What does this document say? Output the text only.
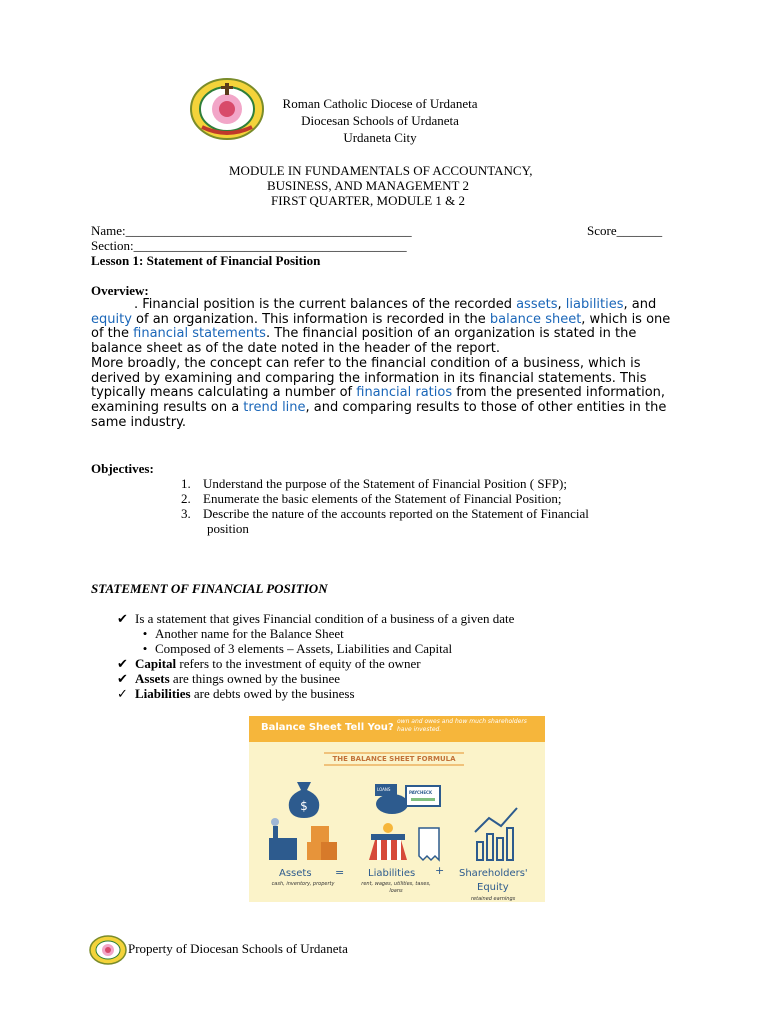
Roman Catholic Diocese of Urdaneta
Diocesan Schools of Urdaneta
Urdaneta City
MODULE IN FUNDAMENTALS OF ACCOUNTANCY,
BUSINESS, AND MANAGEMENT 2
FIRST QUARTER, MODULE 1 & 2
Name:____________________________________________	Score_______
Section:__________________________________________
Lesson 1: Statement of Financial Position
Overview:
. Financial position is the current balances of the recorded assets, liabilities, and equity of an organization. This information is recorded in the balance sheet, which is one of the financial statements. The financial position of an organization is stated in the balance sheet as of the date noted in the header of the report.
More broadly, the concept can refer to the financial condition of a business, which is derived by examining and comparing the information in its financial statements. This typically means calculating a number of financial ratios from the presented information, examining results on a trend line, and comparing results to those of other entities in the same industry.
Objectives:
1. Understand the purpose of the Statement of Financial Position ( SFP);
2. Enumerate the basic elements of the Statement of Financial Position;
3. Describe the nature of the accounts reported on the Statement of Financial
position
STATEMENT OF FINANCIAL POSITION
✔ Is a statement that gives Financial condition of a business of a given date
• Another name for the Balance Sheet
• Composed of 3 elements – Assets, Liabilities and Capital
✔ Capital refers to the investment of equity of the owner
✔ Assets are things owned by the businee
✓ Liabilities are debts owed by the business
Balance Sheet Tell You?
own and owes and how much shareholders have invested.
THE BALANCE SHEET FORMULA
$
LOANS
PAYCHECK
Assets
cash, inventory, property
= Liabilities
rent, wages, utilities, taxes, loans
+ Shareholders'
Equity
retained earnings
Property of Diocesan Schools of Urdaneta
